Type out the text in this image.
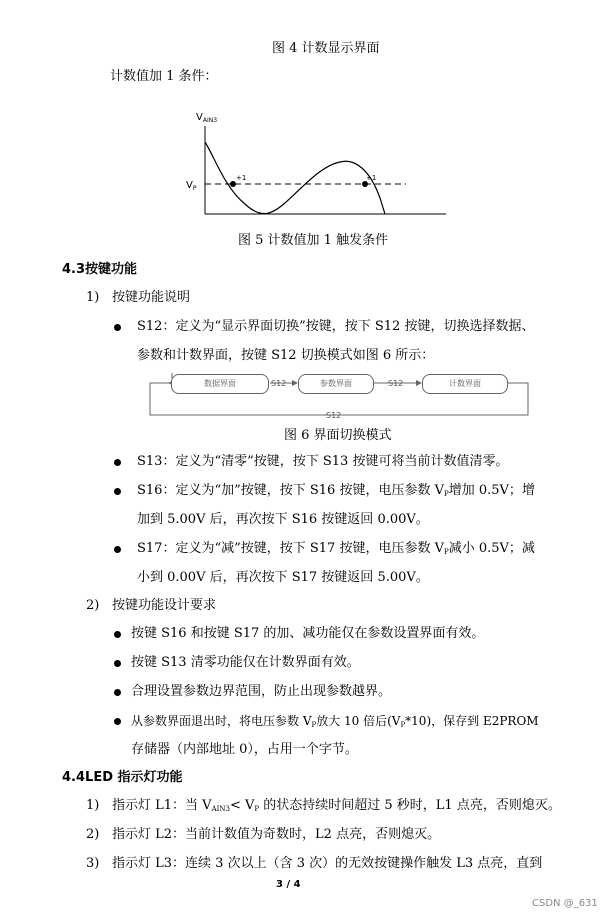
图 4 计数显示界面
计数值加 1 条件：
$V_{AIN3}$
$V_P$
+1	+1
图 5 计数值加 1 触发条件
4.3按键功能
1) 按键功能说明
S12：定义为“显示界面切换”按键，按下 S12 按键，切换选择数据、
参数和计数界面，按键 S12 切换模式如图 6 所示：
S12	S12
S12
数据界面	参数界面	计数界面
图 6 界面切换模式
S13：定义为“清零”按键，按下 S13 按键可将当前计数值清零。
S16：定义为“加”按键，按下 S16 按键，电压参数 $V_P$增加 0.5V；增
加到 5.00V 后，再次按下 S16 按键返回 0.00V。
S17：定义为“减”按键，按下 S17 按键，电压参数 $V_P$减小 0.5V；减
小到 0.00V 后，再次按下 S17 按键返回 5.00V。
2) 按键功能设计要求
按键 S16 和按键 S17 的加、减功能仅在参数设置界面有效。
按键 S13 清零功能仅在计数界面有效。
合理设置参数边界范围，防止出现参数越界。
从参数界面退出时，将电压参数 $V_P$放大 10 倍后$(V_P*10)$，保存到 E2PROM
存储器（内部地址 0），占用一个字节。
4.4LED 指示灯功能
1) 指示灯 L1：当 $V_{AIN3}< V_P$ 的状态持续时间超过 5 秒时，L1 点亮，否则熄灭。
2) 指示灯 L2：当前计数值为奇数时，L2 点亮，否则熄灭。
3) 指示灯 L3：连续 3 次以上（含 3 次）的无效按键操作触发 L3 点亮，直到
3 / 4
CSDN @_631
